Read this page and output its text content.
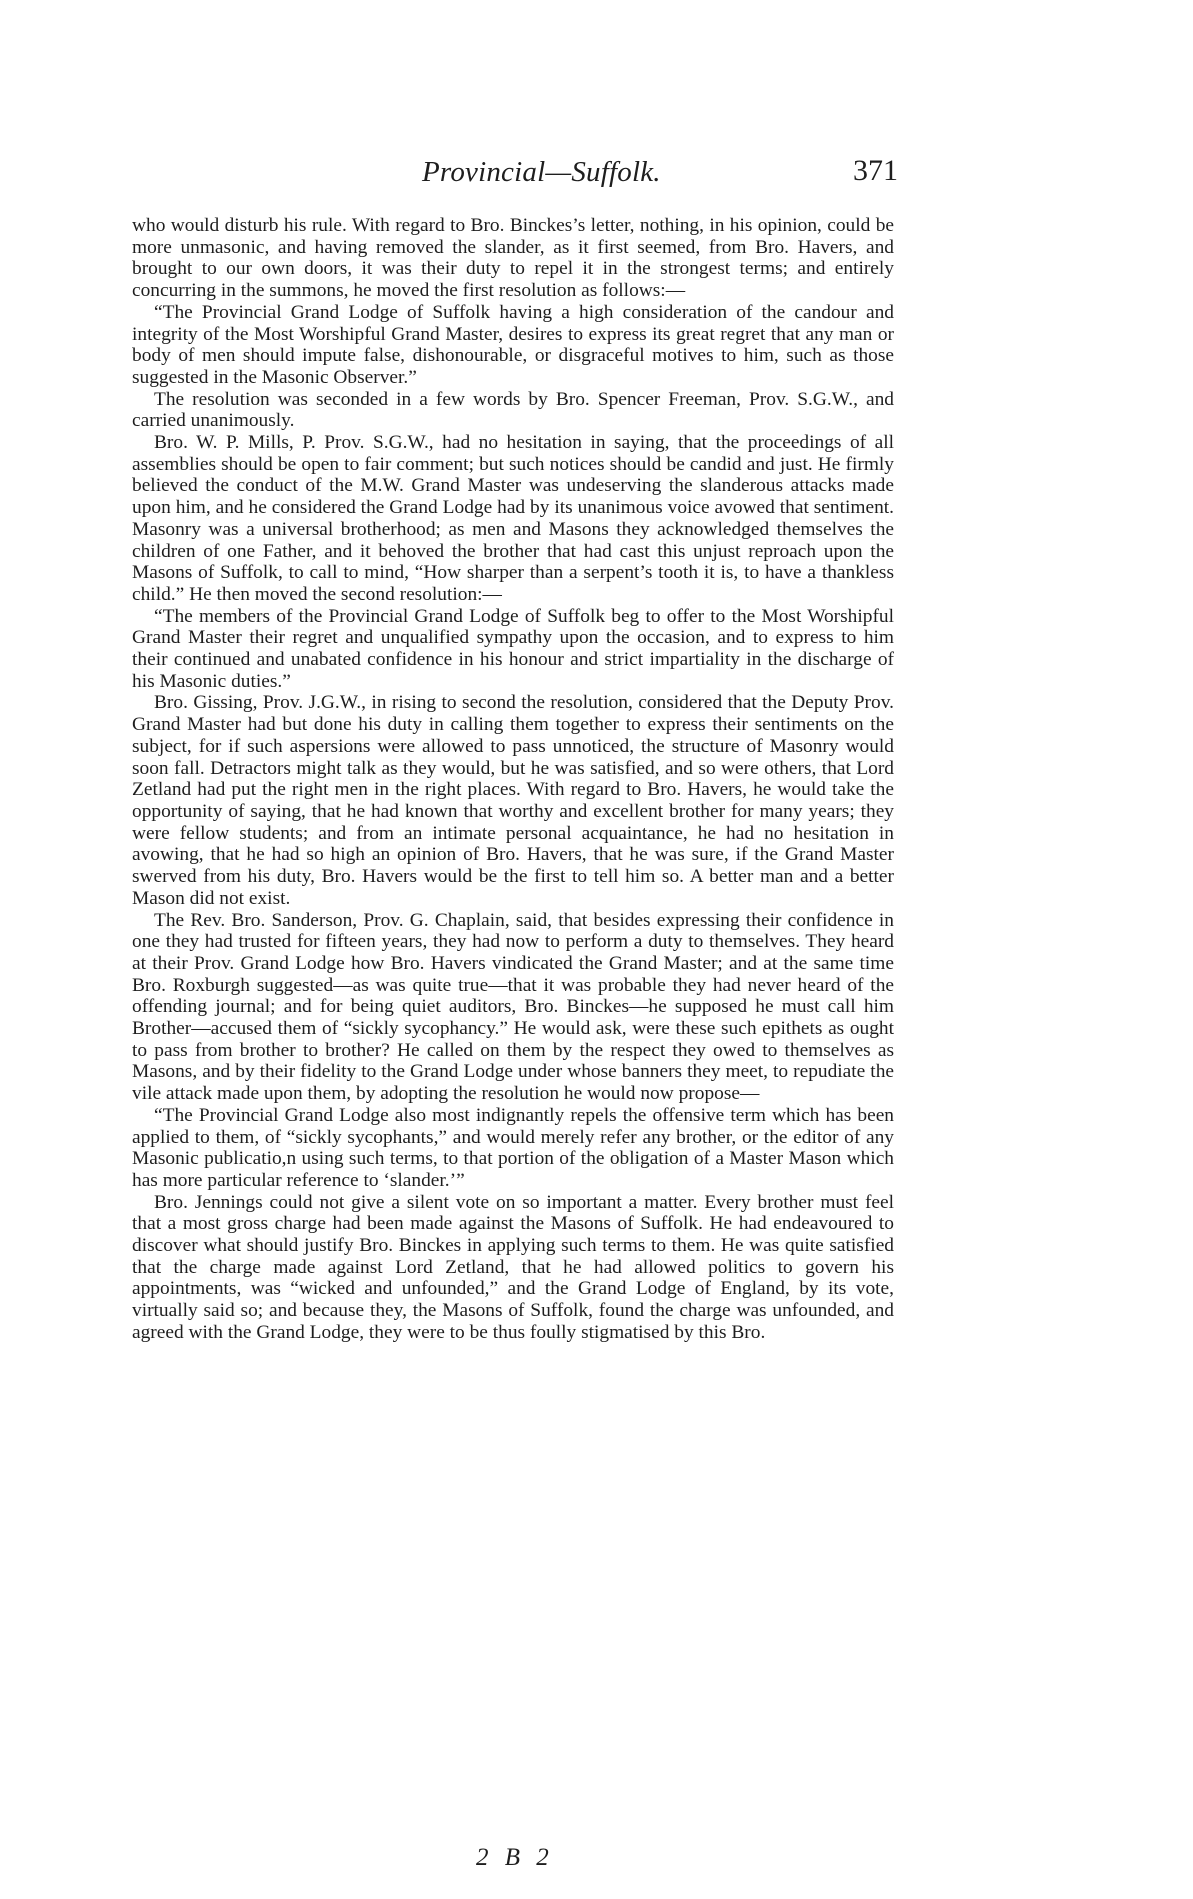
Provincial—Suffolk.	371

who would disturb his rule. With regard to Bro. Binckes’s letter, nothing, in his opinion, could be more unmasonic, and having removed the slander, as it first seemed, from Bro. Havers, and brought to our own doors, it was their duty to repel it in the strongest terms; and entirely concurring in the summons, he moved the first resolution as follows:—

“The Provincial Grand Lodge of Suffolk having a high consideration of the candour and integrity of the Most Worshipful Grand Master, desires to express its great regret that any man or body of men should impute false, dishonourable, or disgraceful motives to him, such as those suggested in the Masonic Observer.”

The resolution was seconded in a few words by Bro. Spencer Freeman, Prov. S.G.W., and carried unanimously.

Bro. W. P. Mills, P. Prov. S.G.W., had no hesitation in saying, that the proceedings of all assemblies should be open to fair comment; but such notices should be candid and just. He firmly believed the conduct of the M.W. Grand Master was undeserving the slanderous attacks made upon him, and he considered the Grand Lodge had by its unanimous voice avowed that sentiment. Masonry was a universal brotherhood; as men and Masons they acknowledged themselves the children of one Father, and it behoved the brother that had cast this unjust reproach upon the Masons of Suffolk, to call to mind, “How sharper than a serpent’s tooth it is, to have a thankless child.” He then moved the second resolution:—

“The members of the Provincial Grand Lodge of Suffolk beg to offer to the Most Worshipful Grand Master their regret and unqualified sympathy upon the occasion, and to express to him their continued and unabated confidence in his honour and strict impartiality in the discharge of his Masonic duties.”

Bro. Gissing, Prov. J.G.W., in rising to second the resolution, considered that the Deputy Prov. Grand Master had but done his duty in calling them together to express their sentiments on the subject, for if such aspersions were allowed to pass unnoticed, the structure of Masonry would soon fall. Detractors might talk as they would, but he was satisfied, and so were others, that Lord Zetland had put the right men in the right places. With regard to Bro. Havers, he would take the opportunity of saying, that he had known that worthy and excellent brother for many years; they were fellow students; and from an intimate personal acquaintance, he had no hesitation in avowing, that he had so high an opinion of Bro. Havers, that he was sure, if the Grand Master swerved from his duty, Bro. Havers would be the first to tell him so. A better man and a better Mason did not exist.

The Rev. Bro. Sanderson, Prov. G. Chaplain, said, that besides expressing their confidence in one they had trusted for fifteen years, they had now to perform a duty to themselves. They heard at their Prov. Grand Lodge how Bro. Havers vindicated the Grand Master; and at the same time Bro. Roxburgh suggested—as was quite true—that it was probable they had never heard of the offending journal; and for being quiet auditors, Bro. Binckes—he supposed he must call him Brother—accused them of “sickly sycophancy.” He would ask, were these such epithets as ought to pass from brother to brother? He called on them by the respect they owed to themselves as Masons, and by their fidelity to the Grand Lodge under whose banners they meet, to repudiate the vile attack made upon them, by adopting the resolution he would now propose—

“The Provincial Grand Lodge also most indignantly repels the offensive term which has been applied to them, of “sickly sycophants,” and would merely refer any brother, or the editor of any Masonic publicatio,n using such terms, to that portion of the obligation of a Master Mason which has more particular reference to ‘slander.’”

Bro. Jennings could not give a silent vote on so important a matter. Every brother must feel that a most gross charge had been made against the Masons of Suffolk. He had endeavoured to discover what should justify Bro. Binckes in applying such terms to them. He was quite satisfied that the charge made against Lord Zetland, that he had allowed politics to govern his appointments, was “wicked and unfounded,” and the Grand Lodge of England, by its vote, virtually said so; and because they, the Masons of Suffolk, found the charge was unfounded, and agreed with the Grand Lodge, they were to be thus foully stigmatised by this Bro.

2 B 2
